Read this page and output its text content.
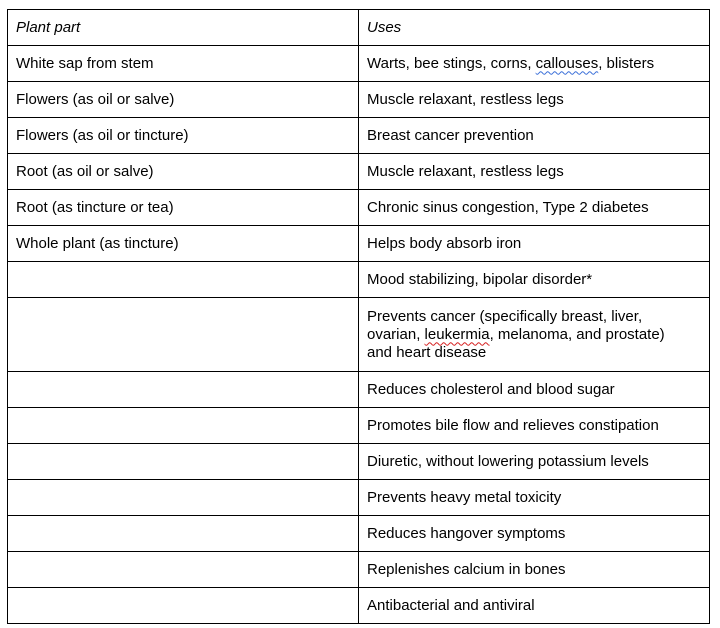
Plant part	Uses
White sap from stem	Warts, bee stings, corns, callouses, blisters
Flowers (as oil or salve)	Muscle relaxant, restless legs
Flowers (as oil or tincture)	Breast cancer prevention
Root (as oil or salve)	Muscle relaxant, restless legs
Root (as tincture or tea)	Chronic sinus congestion, Type 2 diabetes
Whole plant (as tincture)	Helps body absorb iron
	Mood stabilizing, bipolar disorder*
	Prevents cancer (specifically breast, liver,
ovarian, leukermia, melanoma, and prostate)
and heart disease
	Reduces cholesterol and blood sugar
	Promotes bile flow and relieves constipation
	Diuretic, without lowering potassium levels
	Prevents heavy metal toxicity
	Reduces hangover symptoms
	Replenishes calcium in bones
	Antibacterial and antiviral
